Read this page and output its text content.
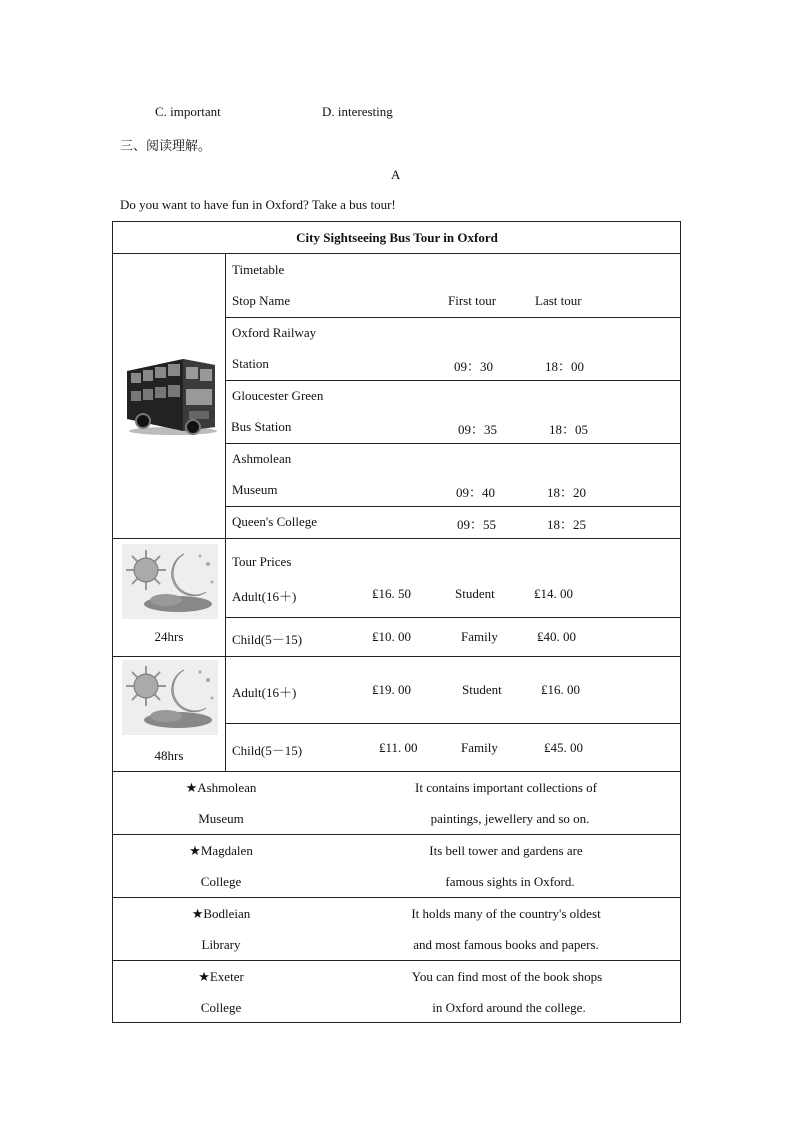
C. important	D. interesting
三、阅读理解。
A
Do you want to have fun in Oxford? Take a bus tour!
City Sightseeing Bus Tour in Oxford
Timetable
Stop Name	First tour	Last tour
Oxford Railway
Station	09：30	18：00
Gloucester Green
Bus Station	09：35	18：05
Ashmolean
Museum	09：40	18：20
Queen's College	09：55	18：25
24hrs
Tour Prices
Adult(16＋)	₤16. 50	Student	₤14. 00
Child(5－15)	₤10. 00	Family	₤40. 00
48hrs
Adult(16＋)	₤19. 00	Student	₤16. 00
Child(5－15)	₤11. 00	Family	₤45. 00
★Ashmolean
Museum
It contains important collections of
paintings, jewellery and so on.
★Magdalen
College
Its bell tower and gardens are
famous sights in Oxford.
★Bodleian
Library
It holds many of the country's oldest
and most famous books and papers.
★Exeter
College
You can find most of the book shops
in Oxford around the college.
